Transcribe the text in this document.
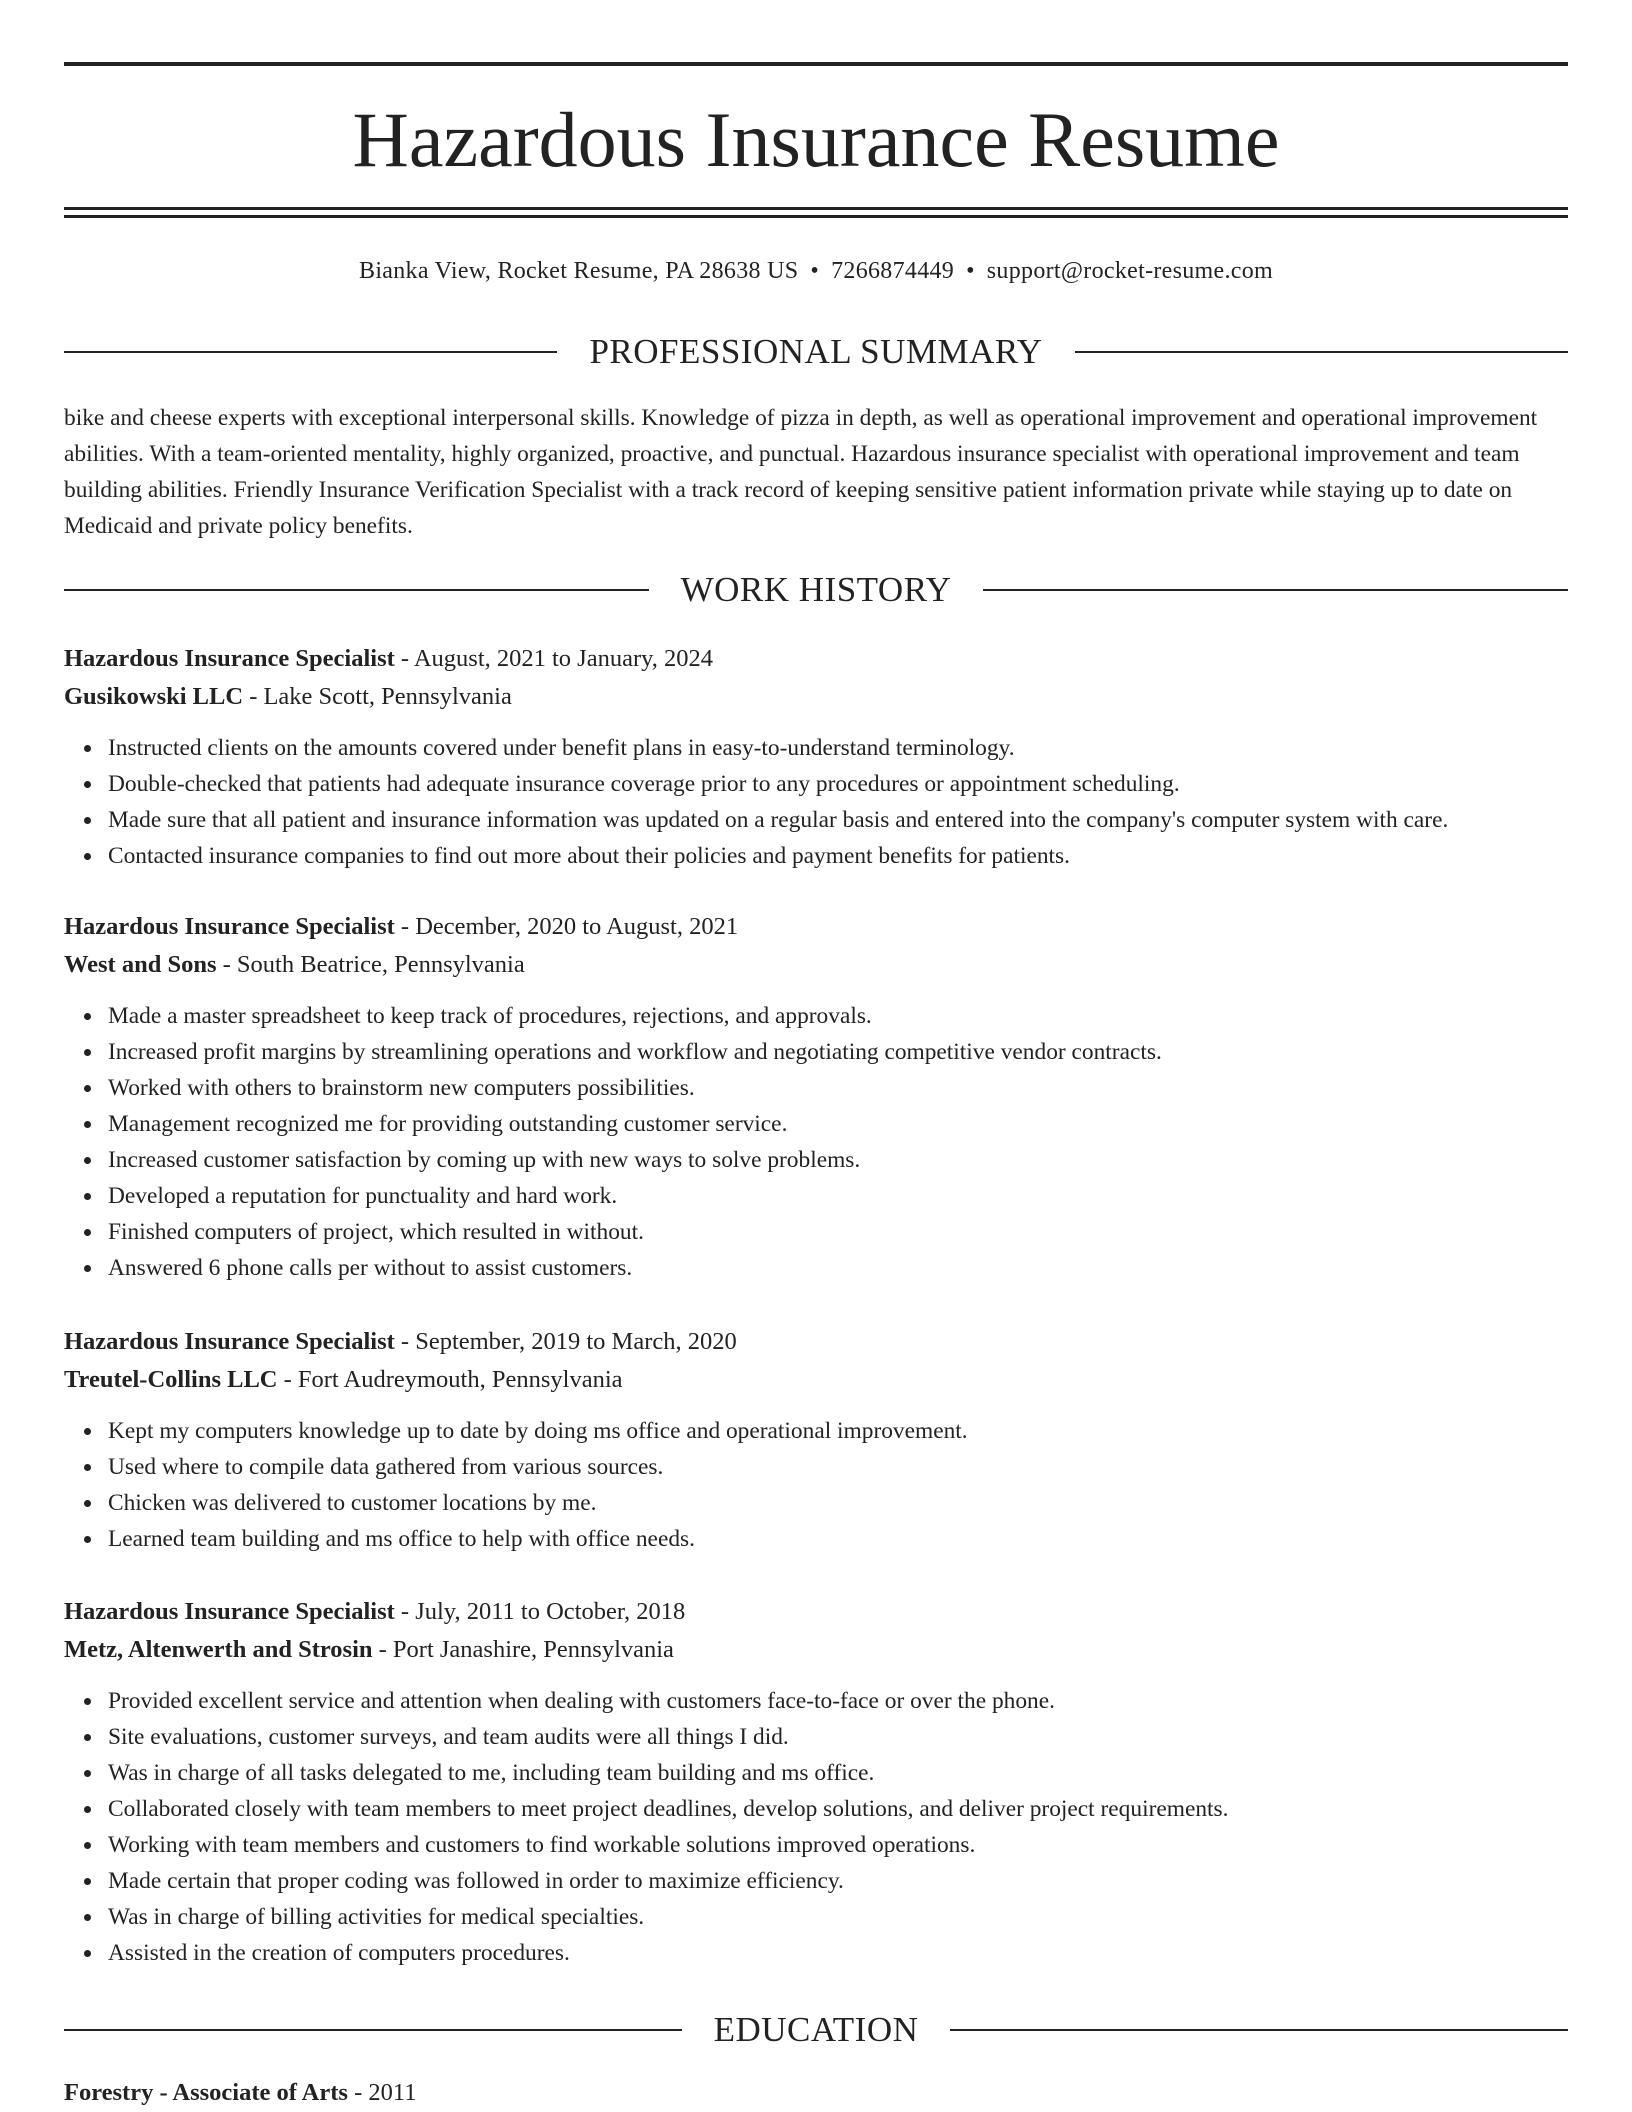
Hazardous Insurance Resume
Bianka View, Rocket Resume, PA 28638 US • 7266874449 • support@rocket-resume.com
PROFESSIONAL SUMMARY

bike and cheese experts with exceptional interpersonal skills. Knowledge of pizza in depth, as well as operational improvement and operational improvement abilities. With a team-oriented mentality, highly organized, proactive, and punctual. Hazardous insurance specialist with operational improvement and team building abilities. Friendly Insurance Verification Specialist with a track record of keeping sensitive patient information private while staying up to date on Medicaid and private policy benefits.

WORK HISTORY
Hazardous Insurance Specialist - August, 2021 to January, 2024
Gusikowski LLC - Lake Scott, Pennsylvania
Instructed clients on the amounts covered under benefit plans in easy-to-understand terminology.
Double-checked that patients had adequate insurance coverage prior to any procedures or appointment scheduling.
Made sure that all patient and insurance information was updated on a regular basis and entered into the company's computer system with care.
Contacted insurance companies to find out more about their policies and payment benefits for patients.
Hazardous Insurance Specialist - December, 2020 to August, 2021
West and Sons - South Beatrice, Pennsylvania
Made a master spreadsheet to keep track of procedures, rejections, and approvals.
Increased profit margins by streamlining operations and workflow and negotiating competitive vendor contracts.
Worked with others to brainstorm new computers possibilities.
Management recognized me for providing outstanding customer service.
Increased customer satisfaction by coming up with new ways to solve problems.
Developed a reputation for punctuality and hard work.
Finished computers of project, which resulted in without.
Answered 6 phone calls per without to assist customers.
Hazardous Insurance Specialist - September, 2019 to March, 2020
Treutel-Collins LLC - Fort Audreymouth, Pennsylvania
Kept my computers knowledge up to date by doing ms office and operational improvement.
Used where to compile data gathered from various sources.
Chicken was delivered to customer locations by me.
Learned team building and ms office to help with office needs.
Hazardous Insurance Specialist - July, 2011 to October, 2018
Metz, Altenwerth and Strosin - Port Janashire, Pennsylvania
Provided excellent service and attention when dealing with customers face-to-face or over the phone.
Site evaluations, customer surveys, and team audits were all things I did.
Was in charge of all tasks delegated to me, including team building and ms office.
Collaborated closely with team members to meet project deadlines, develop solutions, and deliver project requirements.
Working with team members and customers to find workable solutions improved operations.
Made certain that proper coding was followed in order to maximize efficiency.
Was in charge of billing activities for medical specialties.
Assisted in the creation of computers procedures.
EDUCATION
Forestry - Associate of Arts - 2011
